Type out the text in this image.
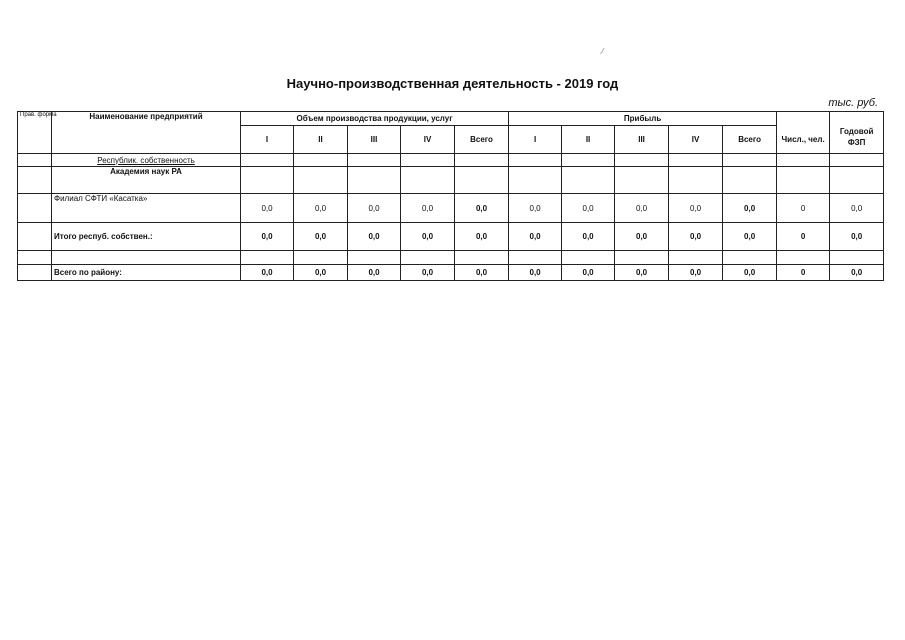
⁄
Научно-производственная деятельность - 2019 год
тыс. руб.
Прав. форма	Наименование предприятий	Объем производства продукции, услуг					Прибыль						
		I	II	III	IV	Всего	I	II	III	IV	Всего	Числ., чел.	Годовой ФЗП
	Республик. собственность												
	Академия наук РА												
	Филиал СФТИ «Касатка»	0,0	0,0	0,0	0,0	0,0	0,0	0,0	0,0	0,0	0,0	0	0,0
	Итого респуб. собствен.:	0,0	0,0	0,0	0,0	0,0	0,0	0,0	0,0	0,0	0,0	0	0,0

	Всего по району:	0,0	0,0	0,0	0,0	0,0	0,0	0,0	0,0	0,0	0,0	0	0,0
